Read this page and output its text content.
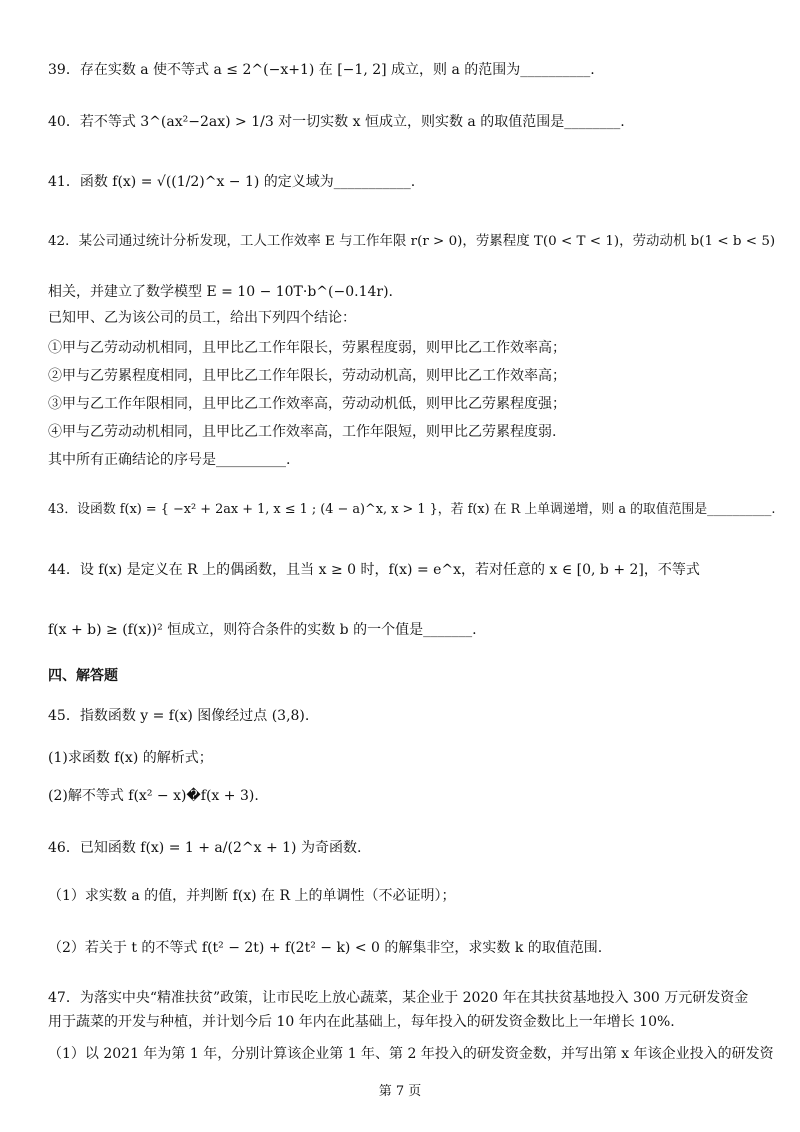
39．存在实数 a 使不等式 a ≤ 2^(−x+1) 在 [−1, 2] 成立，则 a 的范围为__________.
40．若不等式 3^(ax²−2ax) > 1/3 对一切实数 x 恒成立，则实数 a 的取值范围是________.
41．函数 f(x) = √((1/2)^x − 1) 的定义域为___________.
42．某公司通过统计分析发现，工人工作效率 E 与工作年限 r(r > 0)，劳累程度 T(0 < T < 1)，劳动动机 b(1 < b < 5)
相关，并建立了数学模型 E = 10 − 10T·b^(−0.14r).
已知甲、乙为该公司的员工，给出下列四个结论：
①甲与乙劳动动机相同，且甲比乙工作年限长，劳累程度弱，则甲比乙工作效率高；
②甲与乙劳累程度相同，且甲比乙工作年限长，劳动动机高，则甲比乙工作效率高；
③甲与乙工作年限相同，且甲比乙工作效率高，劳动动机低，则甲比乙劳累程度强；
④甲与乙劳动动机相同，且甲比乙工作效率高，工作年限短，则甲比乙劳累程度弱.
其中所有正确结论的序号是__________.
43．设函数 f(x) = { −x² + 2ax + 1, x ≤ 1 ; (4 − a)^x, x > 1 }，若 f(x) 在 R 上单调递增，则 a 的取值范围是__________.
44．设 f(x) 是定义在 R 上的偶函数，且当 x ≥ 0 时，f(x) = e^x，若对任意的 x ∈ [0, b + 2]，不等式
f(x + b) ≥ (f(x))² 恒成立，则符合条件的实数 b 的一个值是_______.
四、解答题
45．指数函数 y = f(x) 图像经过点 (3,8).
(1)求函数 f(x) 的解析式；
(2)解不等式 f(x² − x)�f(x + 3).
46．已知函数 f(x) = 1 + a/(2^x + 1) 为奇函数.
（1）求实数 a 的值，并判断 f(x) 在 R 上的单调性（不必证明）；
（2）若关于 t 的不等式 f(t² − 2t) + f(2t² − k) < 0 的解集非空，求实数 k 的取值范围.
47．为落实中央“精准扶贫”政策，让市民吃上放心蔬菜，某企业于 2020 年在其扶贫基地投入 300 万元研发资金
用于蔬菜的开发与种植，并计划今后 10 年内在此基础上，每年投入的研发资金数比上一年增长 10%.
（1）以 2021 年为第 1 年，分别计算该企业第 1 年、第 2 年投入的研发资金数，并写出第 x 年该企业投入的研发资
第 7 页
